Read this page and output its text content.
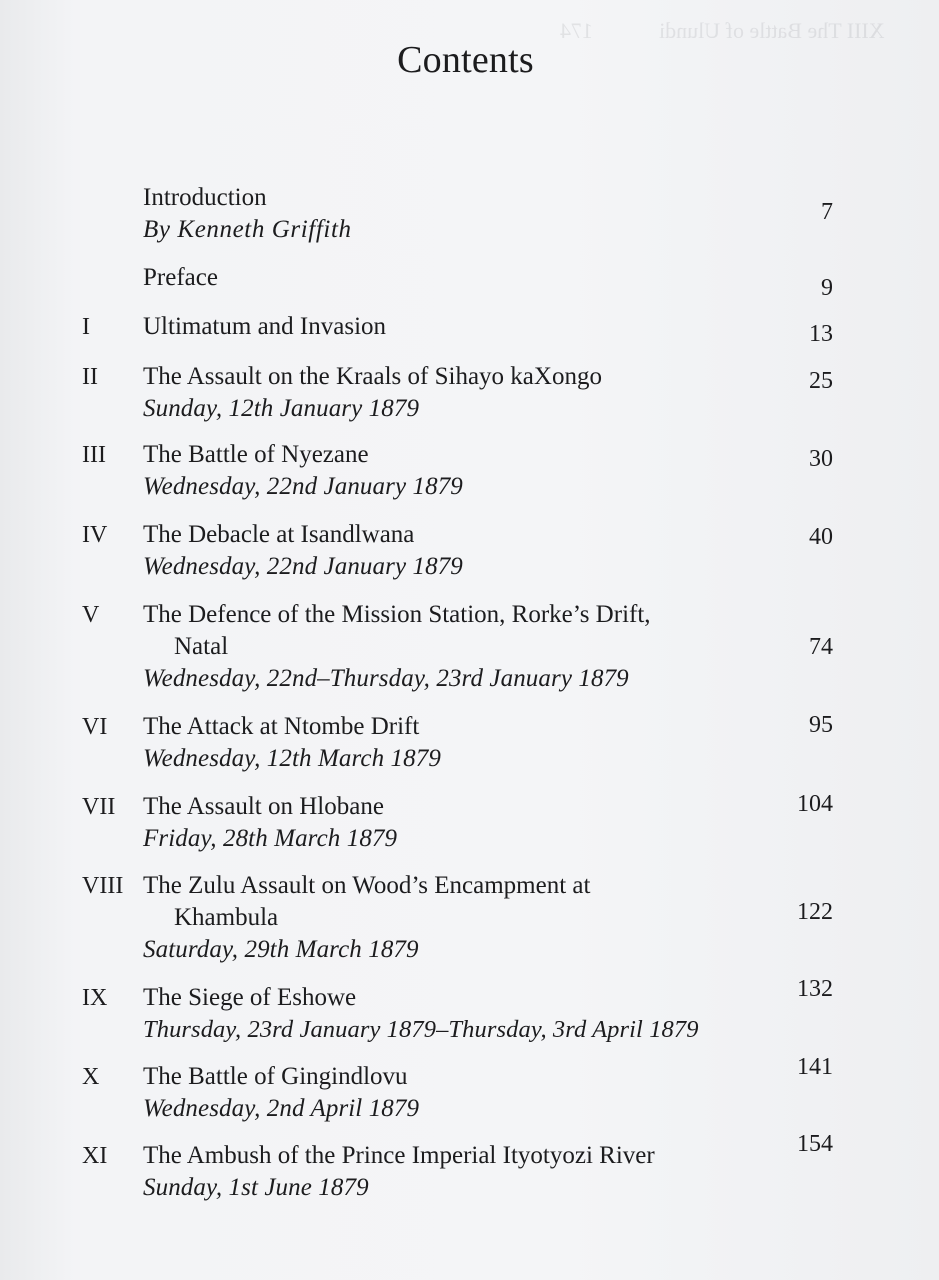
XIII The Battle of Ulundi            174
Contents
Introduction
By Kenneth Griffith
7
Preface	9
I Ultimatum and Invasion	13
II The Assault on the Kraals of Sihayo kaXongo
Sunday, 12th January 1879
25
III The Battle of Nyezane
Wednesday, 22nd January 1879
30
IV The Debacle at Isandlwana
Wednesday, 22nd January 1879
40
V The Defence of the Mission Station, Rorke’s Drift,
Natal
Wednesday, 22nd–Thursday, 23rd January 1879
74
VI The Attack at Ntombe Drift
Wednesday, 12th March 1879
95
VII The Assault on Hlobane
Friday, 28th March 1879
104
VIII The Zulu Assault on Wood’s Encampment at
Khambula
Saturday, 29th March 1879
122
IX The Siege of Eshowe
Thursday, 23rd January 1879–Thursday, 3rd April 1879
132
X The Battle of Gingindlovu
Wednesday, 2nd April 1879
141
XI The Ambush of the Prince Imperial Ityotyozi River
Sunday, 1st June 1879
154
